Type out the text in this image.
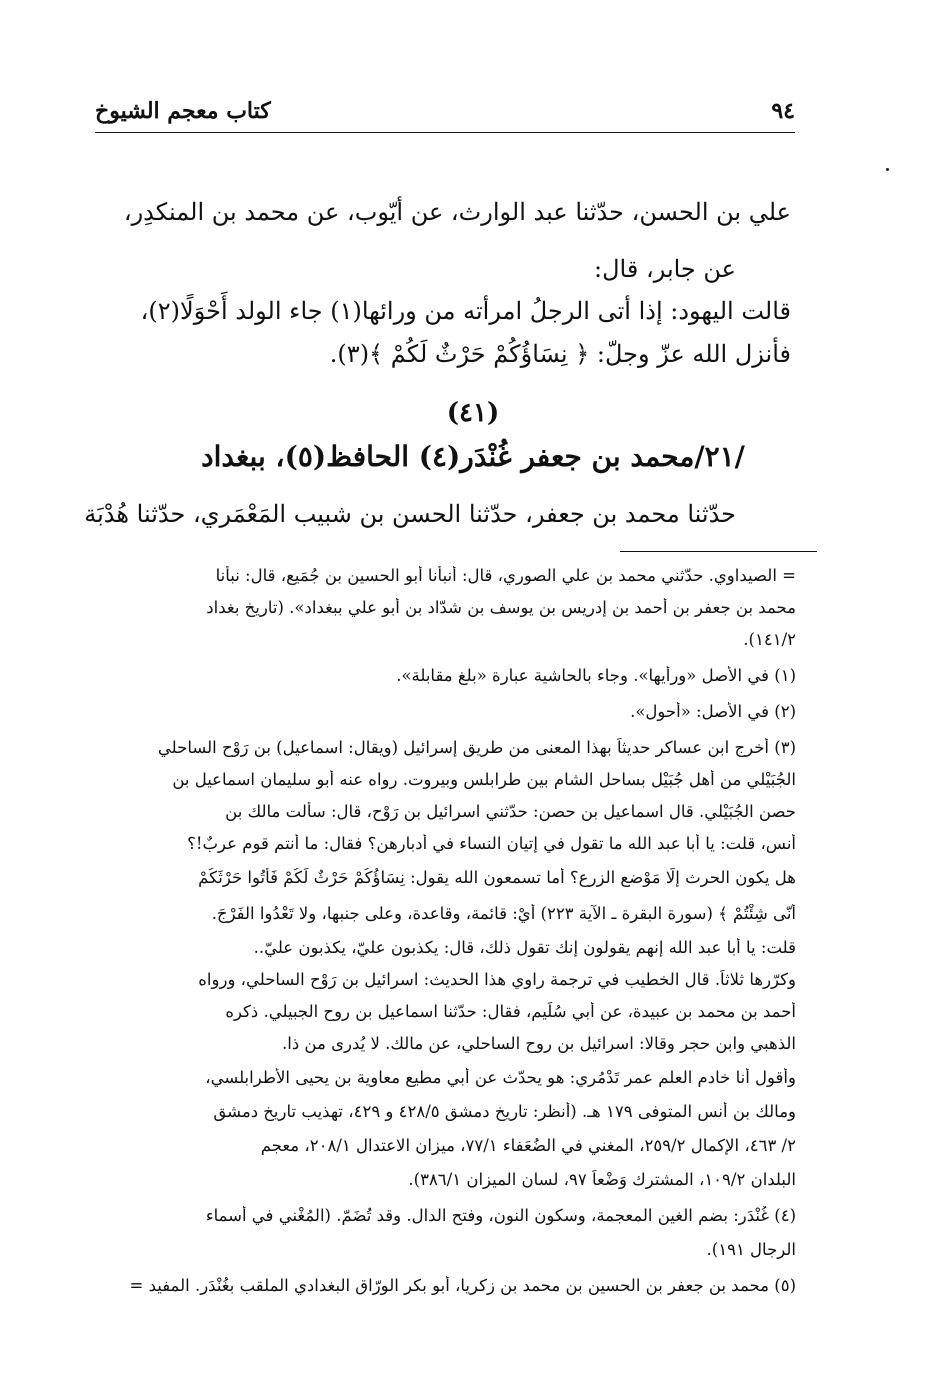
٩٤
كتاب معجم الشيوخ
علي بن الحسن، حدّثنا عبد الوارث، عن أيّوب، عن محمد بن المنكدِر،
عن جابر، قال:
قالت اليهود: إذا أتى الرجلُ امرأته من ورائها(١) جاء الولد أَحْوَلًا(٢)،
فأنزل الله عزّ وجلّ: ﴿ نِسَاؤُكُمْ حَرْثٌ لَكُمْ ﴾(٣).
(٤١)
/٢١/محمد بن جعفر غُنْدَر(٤) الحافظ(٥)، ببغداد
حدّثنا محمد بن جعفر، حدّثنا الحسن بن شبيب المَعْمَري، حدّثنا هُدْبَة
= الصيداوي. حدّثني محمد بن علي الصوري، قال: أنبأنا أبو الحسين بن جُمَيع، قال: نبأنا
محمد بن جعفر بن أحمد بن إدريس بن يوسف بن شدّاد بن أبو علي ببغداد». (تاريخ بغداد
١٤١/٢).
(١) في الأصل «ورأيها». وجاء بالحاشية عبارة «بلغ مقابلة».
(٢) في الأصل: «أحول».
(٣) أخرج ابن عساكر حديثاً بهذا المعنى من طريق إسرائيل (ويقال: اسماعيل) بن رَوْح الساحلي
الجُبَيْلي من أهل جُبَيْل بساحل الشام بين طرابلس وبيروت. رواه عنه أبو سليمان اسماعيل بن
حصن الجُبَيْلي. قال اسماعيل بن حصن: حدّثني اسرائيل بن رَوْح، قال: سألت مالك بن
أنس، قلت: يا أبا عبد الله ما تقول في إتيان النساء في أدبارهن؟ فقال: ما أنتم قوم عربٌ!؟
هل يكون الحرث إلّا مَوْضع الزرع؟ أما تسمعون الله يقول: نِسَاؤُكُمْ حَرْثٌ لَكُمْ فَأْتُوا حَرْثَكُمْ
أَنّى شِئْتُمْ ﴾ (سورة البقرة ـ الآية ٢٢٣) أيْ: قائمة، وقاعدة، وعلى جنبها، ولا تَعْدُوا الفَرْجَ.
قلت: يا أبا عبد الله إنهم يقولون إنك تقول ذلك، قال: يكذبون عليّ، يكذبون عليّ..
وكرّرها ثلاثاً. قال الخطيب في ترجمة راوي هذا الحديث: اسرائيل بن رَوْح الساحلي، ورواه
أحمد بن محمد بن عبيدة، عن أبي سُلَيم، فقال: حدّثنا اسماعيل بن روح الجبيلي. ذكره
الذهبي وابن حجر وقالا: اسرائيل بن روح الساحلي، عن مالك. لا يُدرى من ذا.
وأقول أنا خادم العلم عمر تَدْمُري: هو يحدّث عن أبي مطيع معاوية بن يحيى الأطرابلسي،
ومالك بن أنس المتوفى ١٧٩ هـ. (أنظر: تاريخ دمشق ٤٢٨/٥ و ٤٢٩، تهذيب تاريخ دمشق
٢/ ٤٦٣، الإكمال ٢٥٩/٢، المغني في الضُعَفاء ٧٧/١، ميزان الاعتدال ٢٠٨/١، معجم
البلدان ١٠٩/٢، المشترك وَضْعاً ٩٧، لسان الميزان ٣٨٦/١).
(٤) غُنْدَر: بضم الغين المعجمة، وسكون النون، وفتح الدال. وقد تُضَمّ. (المُغْني في أسماء
الرجال ١٩١).
(٥) محمد بن جعفر بن الحسين بن محمد بن زكريا، أبو بكر الورّاق البغدادي الملقب بغُنْدَر. المفيد =
